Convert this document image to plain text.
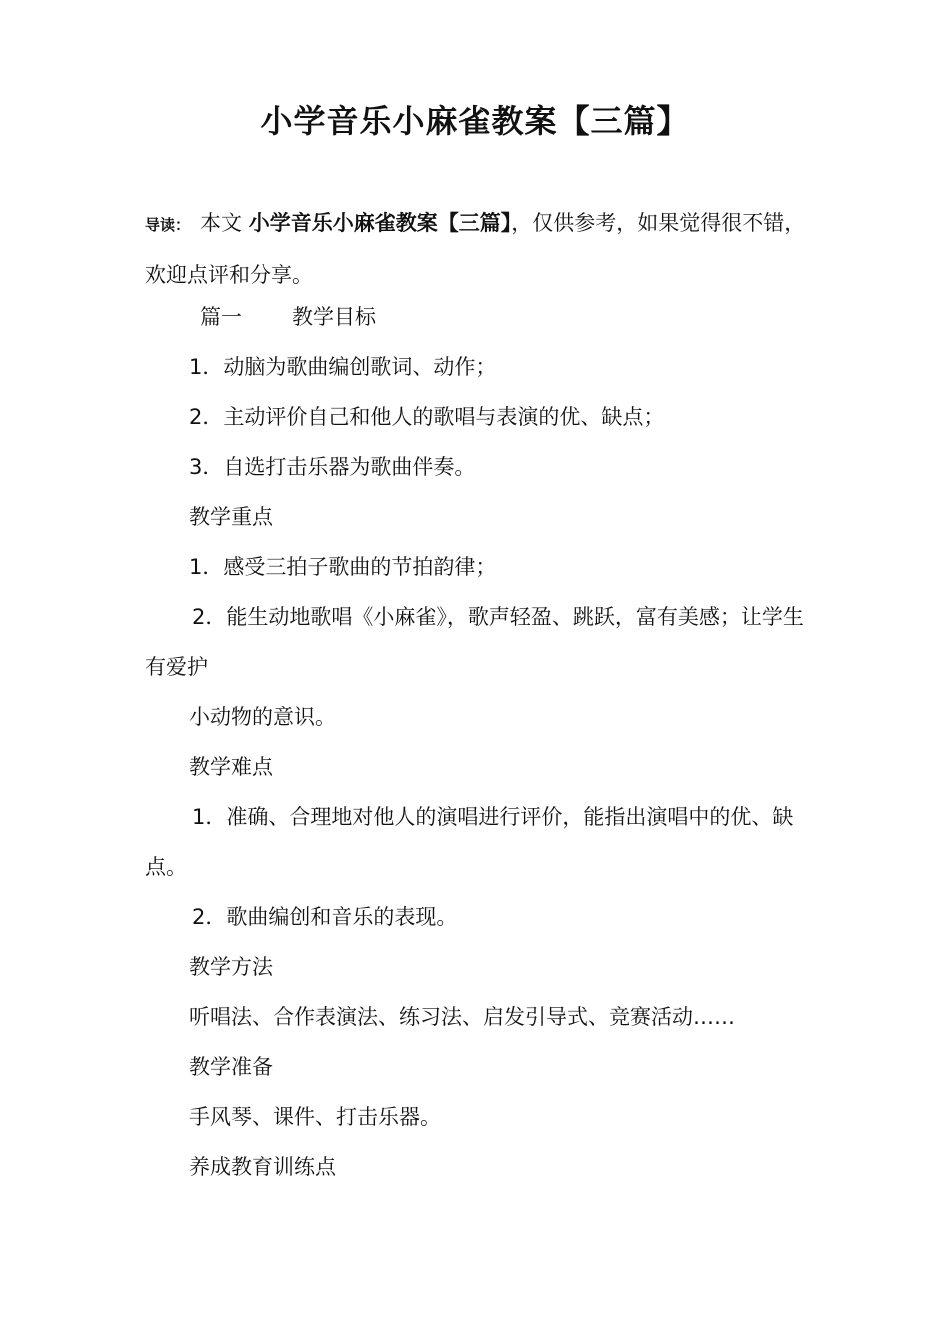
小学音乐小麻雀教案【三篇】
导读： 本文 小学音乐小麻雀教案【三篇】，仅供参考，如果觉得很不错，欢迎点评和分享。
篇一 教学目标
1．动脑为歌曲编创歌词、动作；
2．主动评价自己和他人的歌唱与表演的优、缺点；
3．自选打击乐器为歌曲伴奏。
教学重点
1．感受三拍子歌曲的节拍韵律；
2．能生动地歌唱《小麻雀》，歌声轻盈、跳跃，富有美感；让学生有爱护
小动物的意识。
教学难点
1．准确、合理地对他人的演唱进行评价，能指出演唱中的优、缺点。
2．歌曲编创和音乐的表现。
教学方法
听唱法、合作表演法、练习法、启发引导式、竞赛活动……
教学准备
手风琴、课件、打击乐器。
养成教育训练点
